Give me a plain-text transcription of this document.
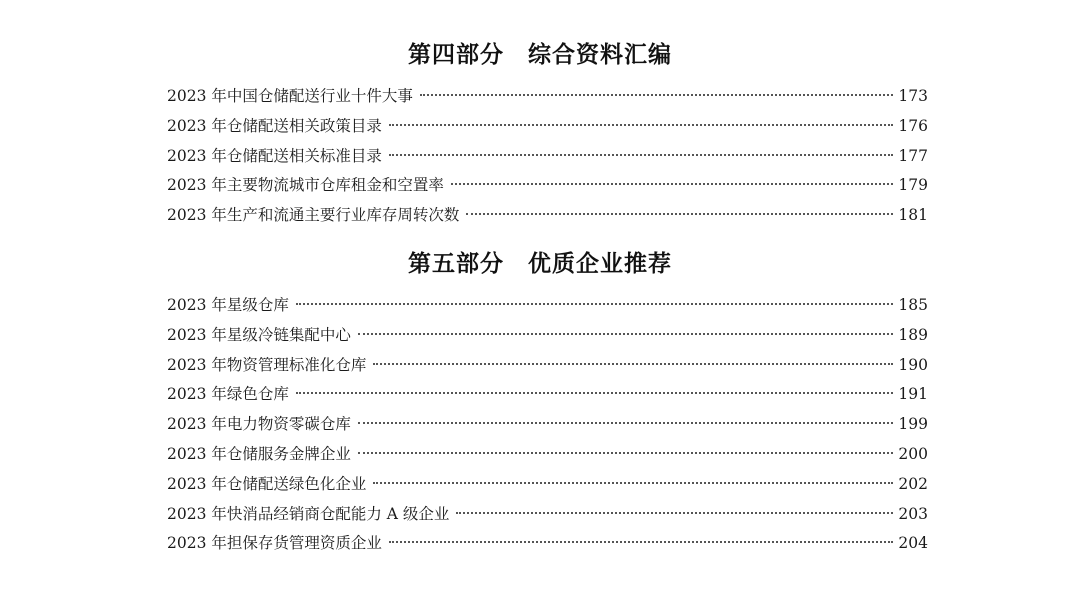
第四部分　综合资料汇编
2023 年中国仓储配送行业十件大事	173
2023 年仓储配送相关政策目录	176
2023 年仓储配送相关标准目录	177
2023 年主要物流城市仓库租金和空置率	179
2023 年生产和流通主要行业库存周转次数	181
第五部分　优质企业推荐
2023 年星级仓库	185
2023 年星级冷链集配中心	189
2023 年物资管理标准化仓库	190
2023 年绿色仓库	191
2023 年电力物资零碳仓库	199
2023 年仓储服务金牌企业	200
2023 年仓储配送绿色化企业	202
2023 年快消品经销商仓配能力 A 级企业	203
2023 年担保存货管理资质企业	204
